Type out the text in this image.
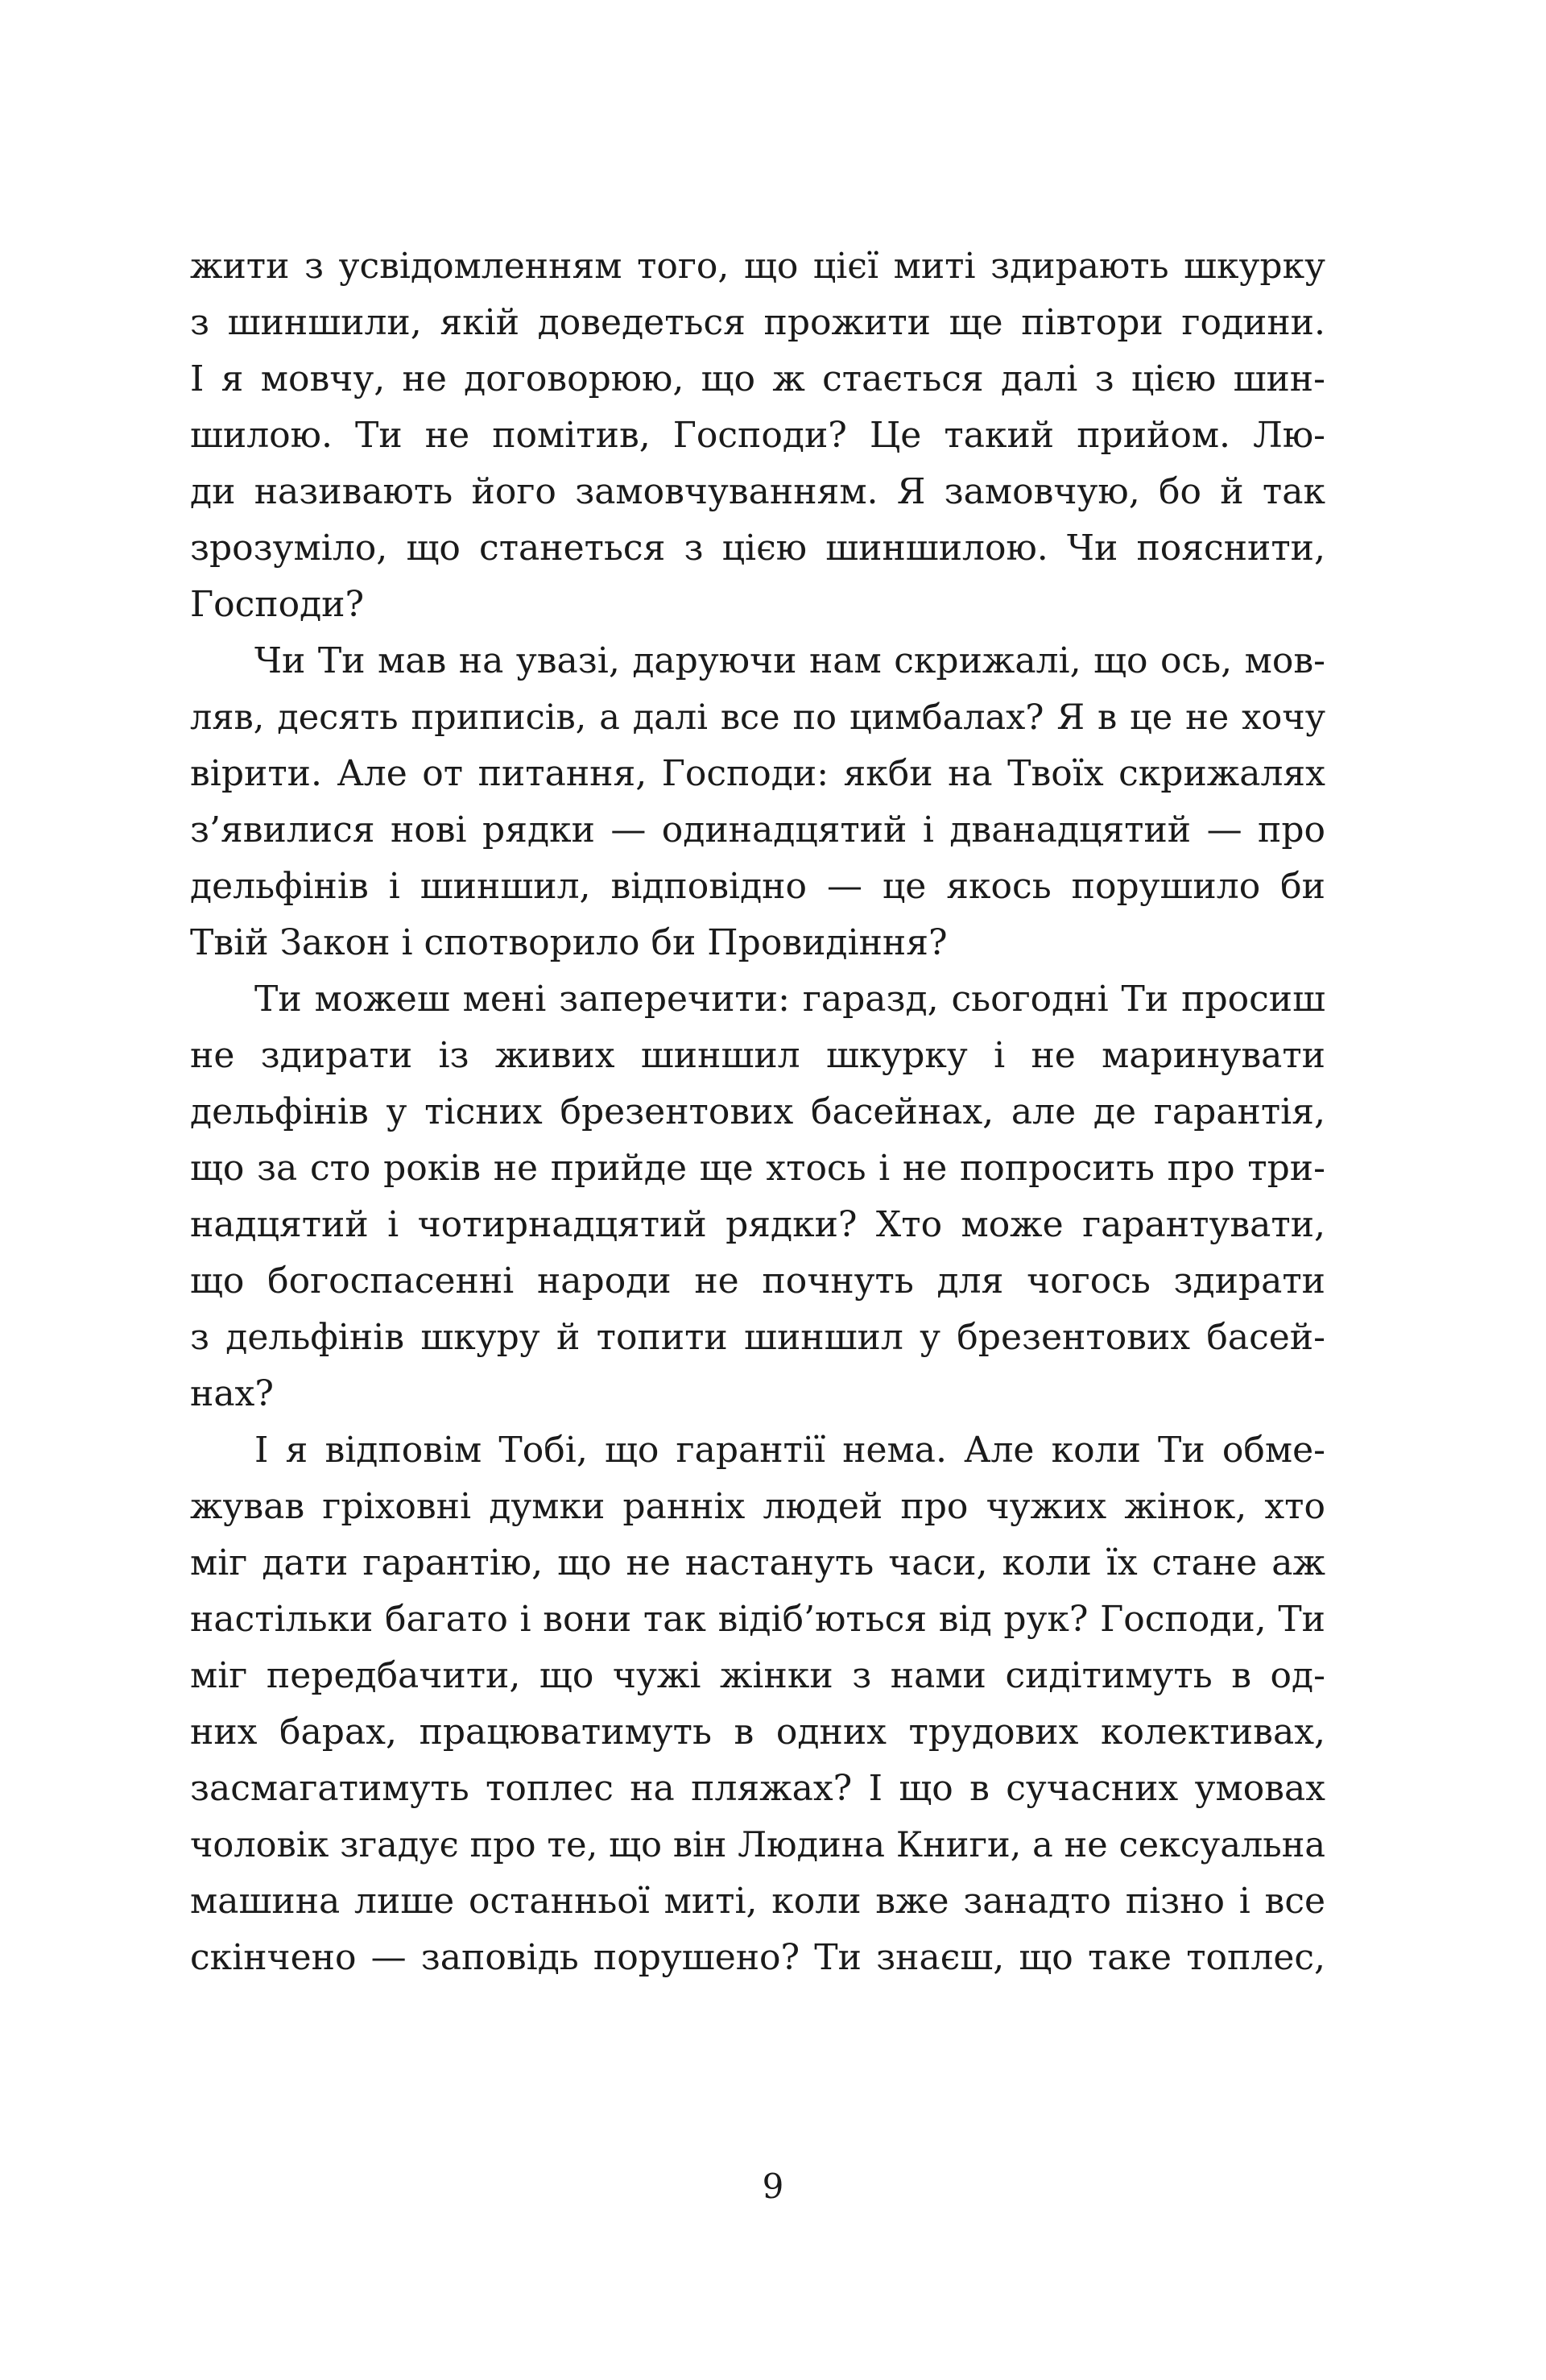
жити з усвідомленням того, що цієї миті здирають шкурку
з шиншили, якій доведеться прожити ще півтори години.
І я мовчу, не договорюю, що ж стається далі з цією шин-
шилою. Ти не помітив, Господи? Це такий прийом. Лю-
ди називають його замовчуванням. Я замовчую, бо й так
зрозуміло, що станеться з цією шиншилою. Чи пояснити,
Господи?
Чи Ти мав на увазі, даруючи нам скрижалі, що ось, мов-
ляв, десять приписів, а далі все по цимбалах? Я в це не хочу
вірити. Але от питання, Господи: якби на Твоїх скрижалях
з’явилися нові рядки — одинадцятий і дванадцятий — про
дельфінів і шиншил, відповідно — це якось порушило би
Твій Закон і спотворило би Провидіння?
Ти можеш мені заперечити: гаразд, сьогодні Ти просиш
не здирати із живих шиншил шкурку і не маринувати
дельфінів у тісних брезентових басейнах, але де гарантія,
що за сто років не прийде ще хтось і не попросить про три-
надцятий і чотирнадцятий рядки? Хто може гарантувати,
що богоспасенні народи не почнуть для чогось здирати
з дельфінів шкуру й топити шиншил у брезентових басей-
нах?
І я відповім Тобі, що гарантії нема. Але коли Ти обме-
жував гріховні думки ранніх людей про чужих жінок, хто
міг дати гарантію, що не настануть часи, коли їх стане аж
настільки багато і вони так відіб’ються від рук? Господи, Ти
міг передбачити, що чужі жінки з нами сидітимуть в од-
них барах, працюватимуть в одних трудових колективах,
засмагатимуть топлес на пляжах? І що в сучасних умовах
чоловік згадує про те, що він Людина Книги, а не сексуальна
машина лише останньої миті, коли вже занадто пізно і все
скінчено — заповідь порушено? Ти знаєш, що таке топлес,
9
